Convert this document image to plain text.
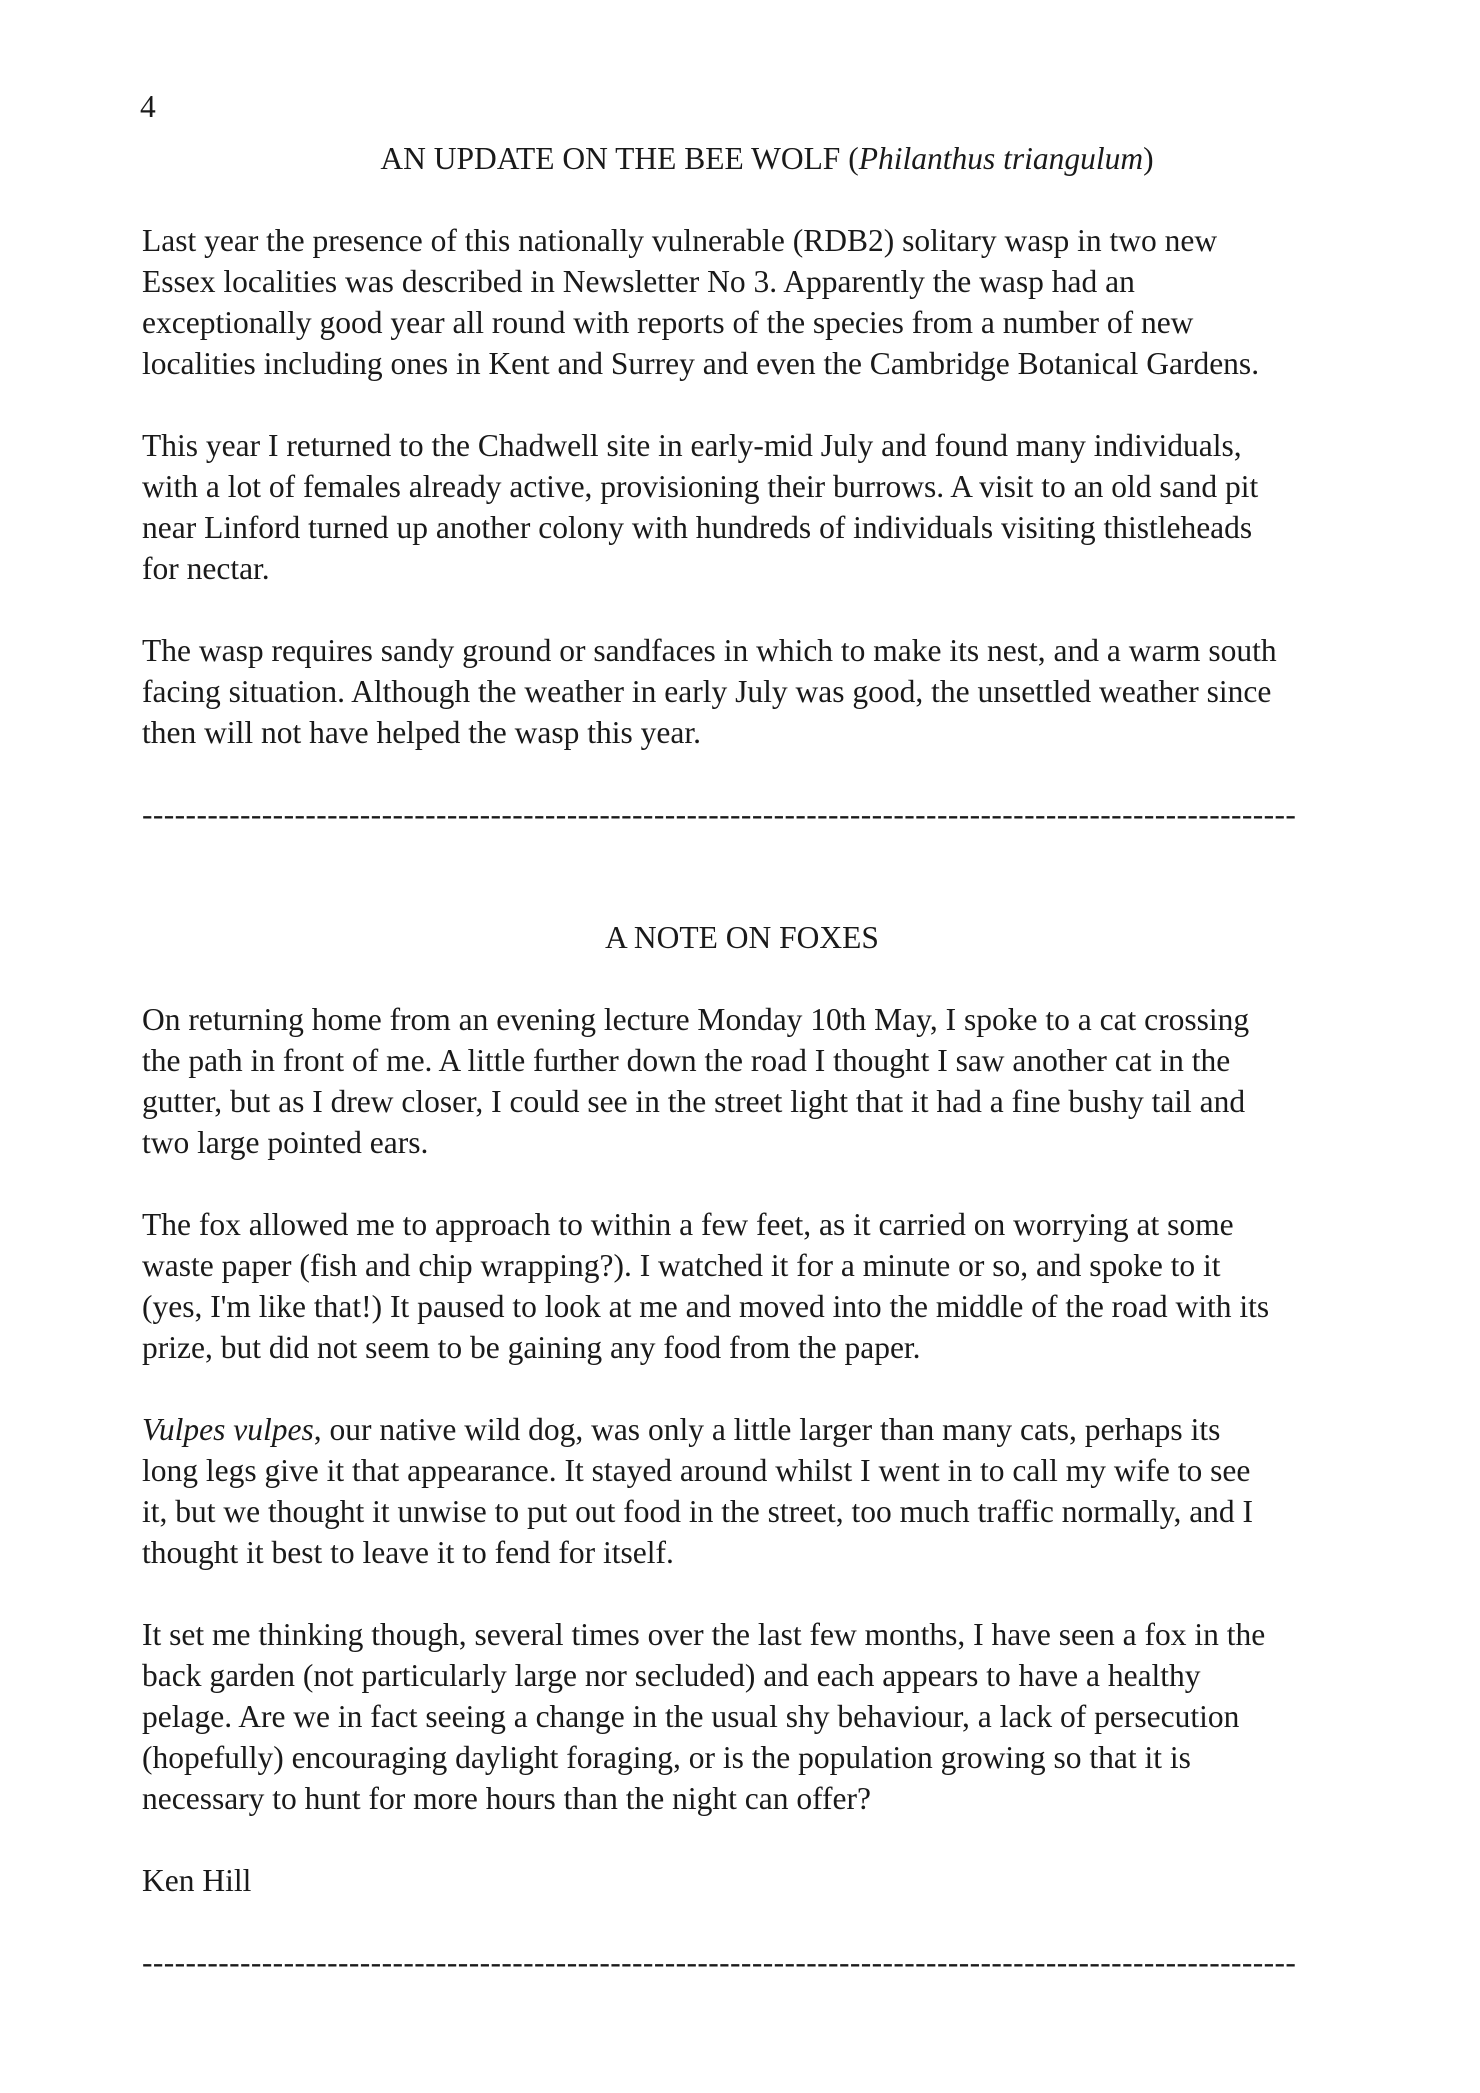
4

AN UPDATE ON THE BEE WOLF (Philanthus triangulum)

Last year the presence of this nationally vulnerable (RDB2) solitary wasp in two new
Essex localities was described in Newsletter No 3. Apparently the wasp had an
exceptionally good year all round with reports of the species from a number of new
localities including ones in Kent and Surrey and even the Cambridge Botanical Gardens.

This year I returned to the Chadwell site in early-mid July and found many individuals,
with a lot of females already active, provisioning their burrows. A visit to an old sand pit
near Linford turned up another colony with hundreds of individuals visiting thistleheads
for nectar.

The wasp requires sandy ground or sandfaces in which to make its nest, and a warm south
facing situation. Although the weather in early July was good, the unsettled weather since
then will not have helped the wasp this year.

----------------------------------------------------------------------------------------------------------

A NOTE ON FOXES

On returning home from an evening lecture Monday 10th May, I spoke to a cat crossing
the path in front of me. A little further down the road I thought I saw another cat in the
gutter, but as I drew closer, I could see in the street light that it had a fine bushy tail and
two large pointed ears.

The fox allowed me to approach to within a few feet, as it carried on worrying at some
waste paper (fish and chip wrapping?). I watched it for a minute or so, and spoke to it
(yes, I'm like that!) It paused to look at me and moved into the middle of the road with its
prize, but did not seem to be gaining any food from the paper.

Vulpes vulpes, our native wild dog, was only a little larger than many cats, perhaps its
long legs give it that appearance. It stayed around whilst I went in to call my wife to see
it, but we thought it unwise to put out food in the street, too much traffic normally, and I
thought it best to leave it to fend for itself.

It set me thinking though, several times over the last few months, I have seen a fox in the
back garden (not particularly large nor secluded) and each appears to have a healthy
pelage. Are we in fact seeing a change in the usual shy behaviour, a lack of persecution
(hopefully) encouraging daylight foraging, or is the population growing so that it is
necessary to hunt for more hours than the night can offer?

Ken Hill

----------------------------------------------------------------------------------------------------------
